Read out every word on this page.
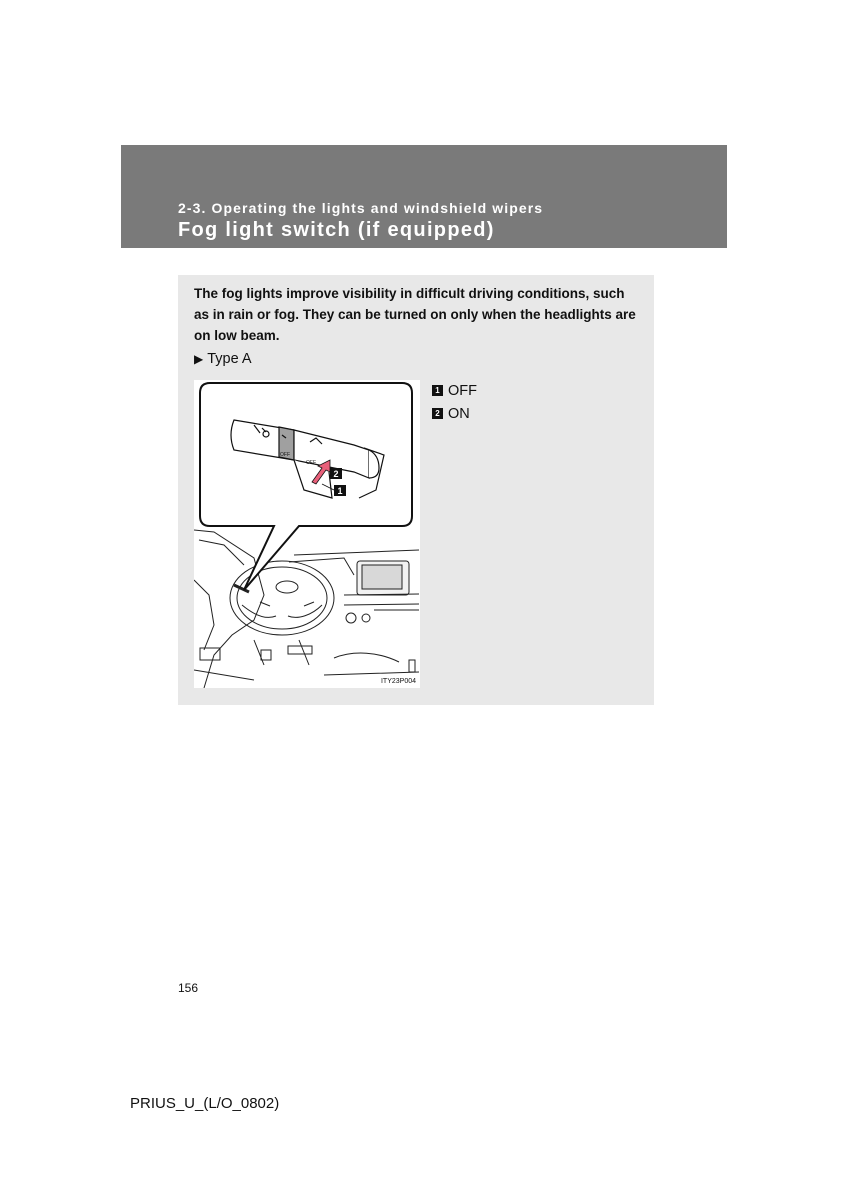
2-3. Operating the lights and windshield wipers
Fog light switch (if equipped)

The fog lights improve visibility in difficult driving conditions, such as in rain or fog. They can be turned on only when the headlights are on low beam.

▶ Type A

OFF
OFF
2
1
ITY23P004
1 OFF
2 ON
156
PRIUS_U_(L/O_0802)
